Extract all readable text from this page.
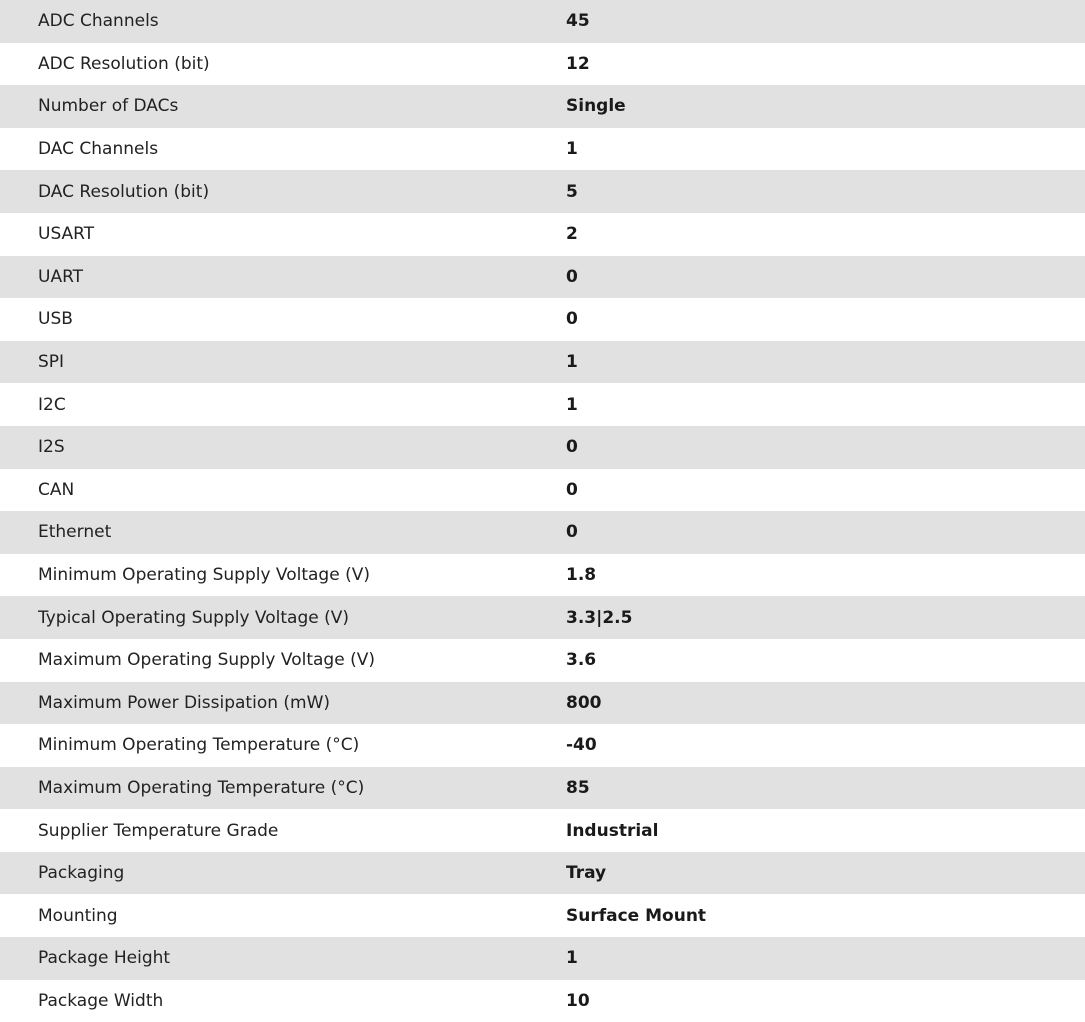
ADC Channels	45
ADC Resolution (bit)	12
Number of DACs	Single
DAC Channels	1
DAC Resolution (bit)	5
USART	2
UART	0
USB	0
SPI	1
I2C	1
I2S	0
CAN	0
Ethernet	0
Minimum Operating Supply Voltage (V)	1.8
Typical Operating Supply Voltage (V)	3.3|2.5
Maximum Operating Supply Voltage (V)	3.6
Maximum Power Dissipation (mW)	800
Minimum Operating Temperature (°C)	-40
Maximum Operating Temperature (°C)	85
Supplier Temperature Grade	Industrial
Packaging	Tray
Mounting	Surface Mount
Package Height	1
Package Width	10
